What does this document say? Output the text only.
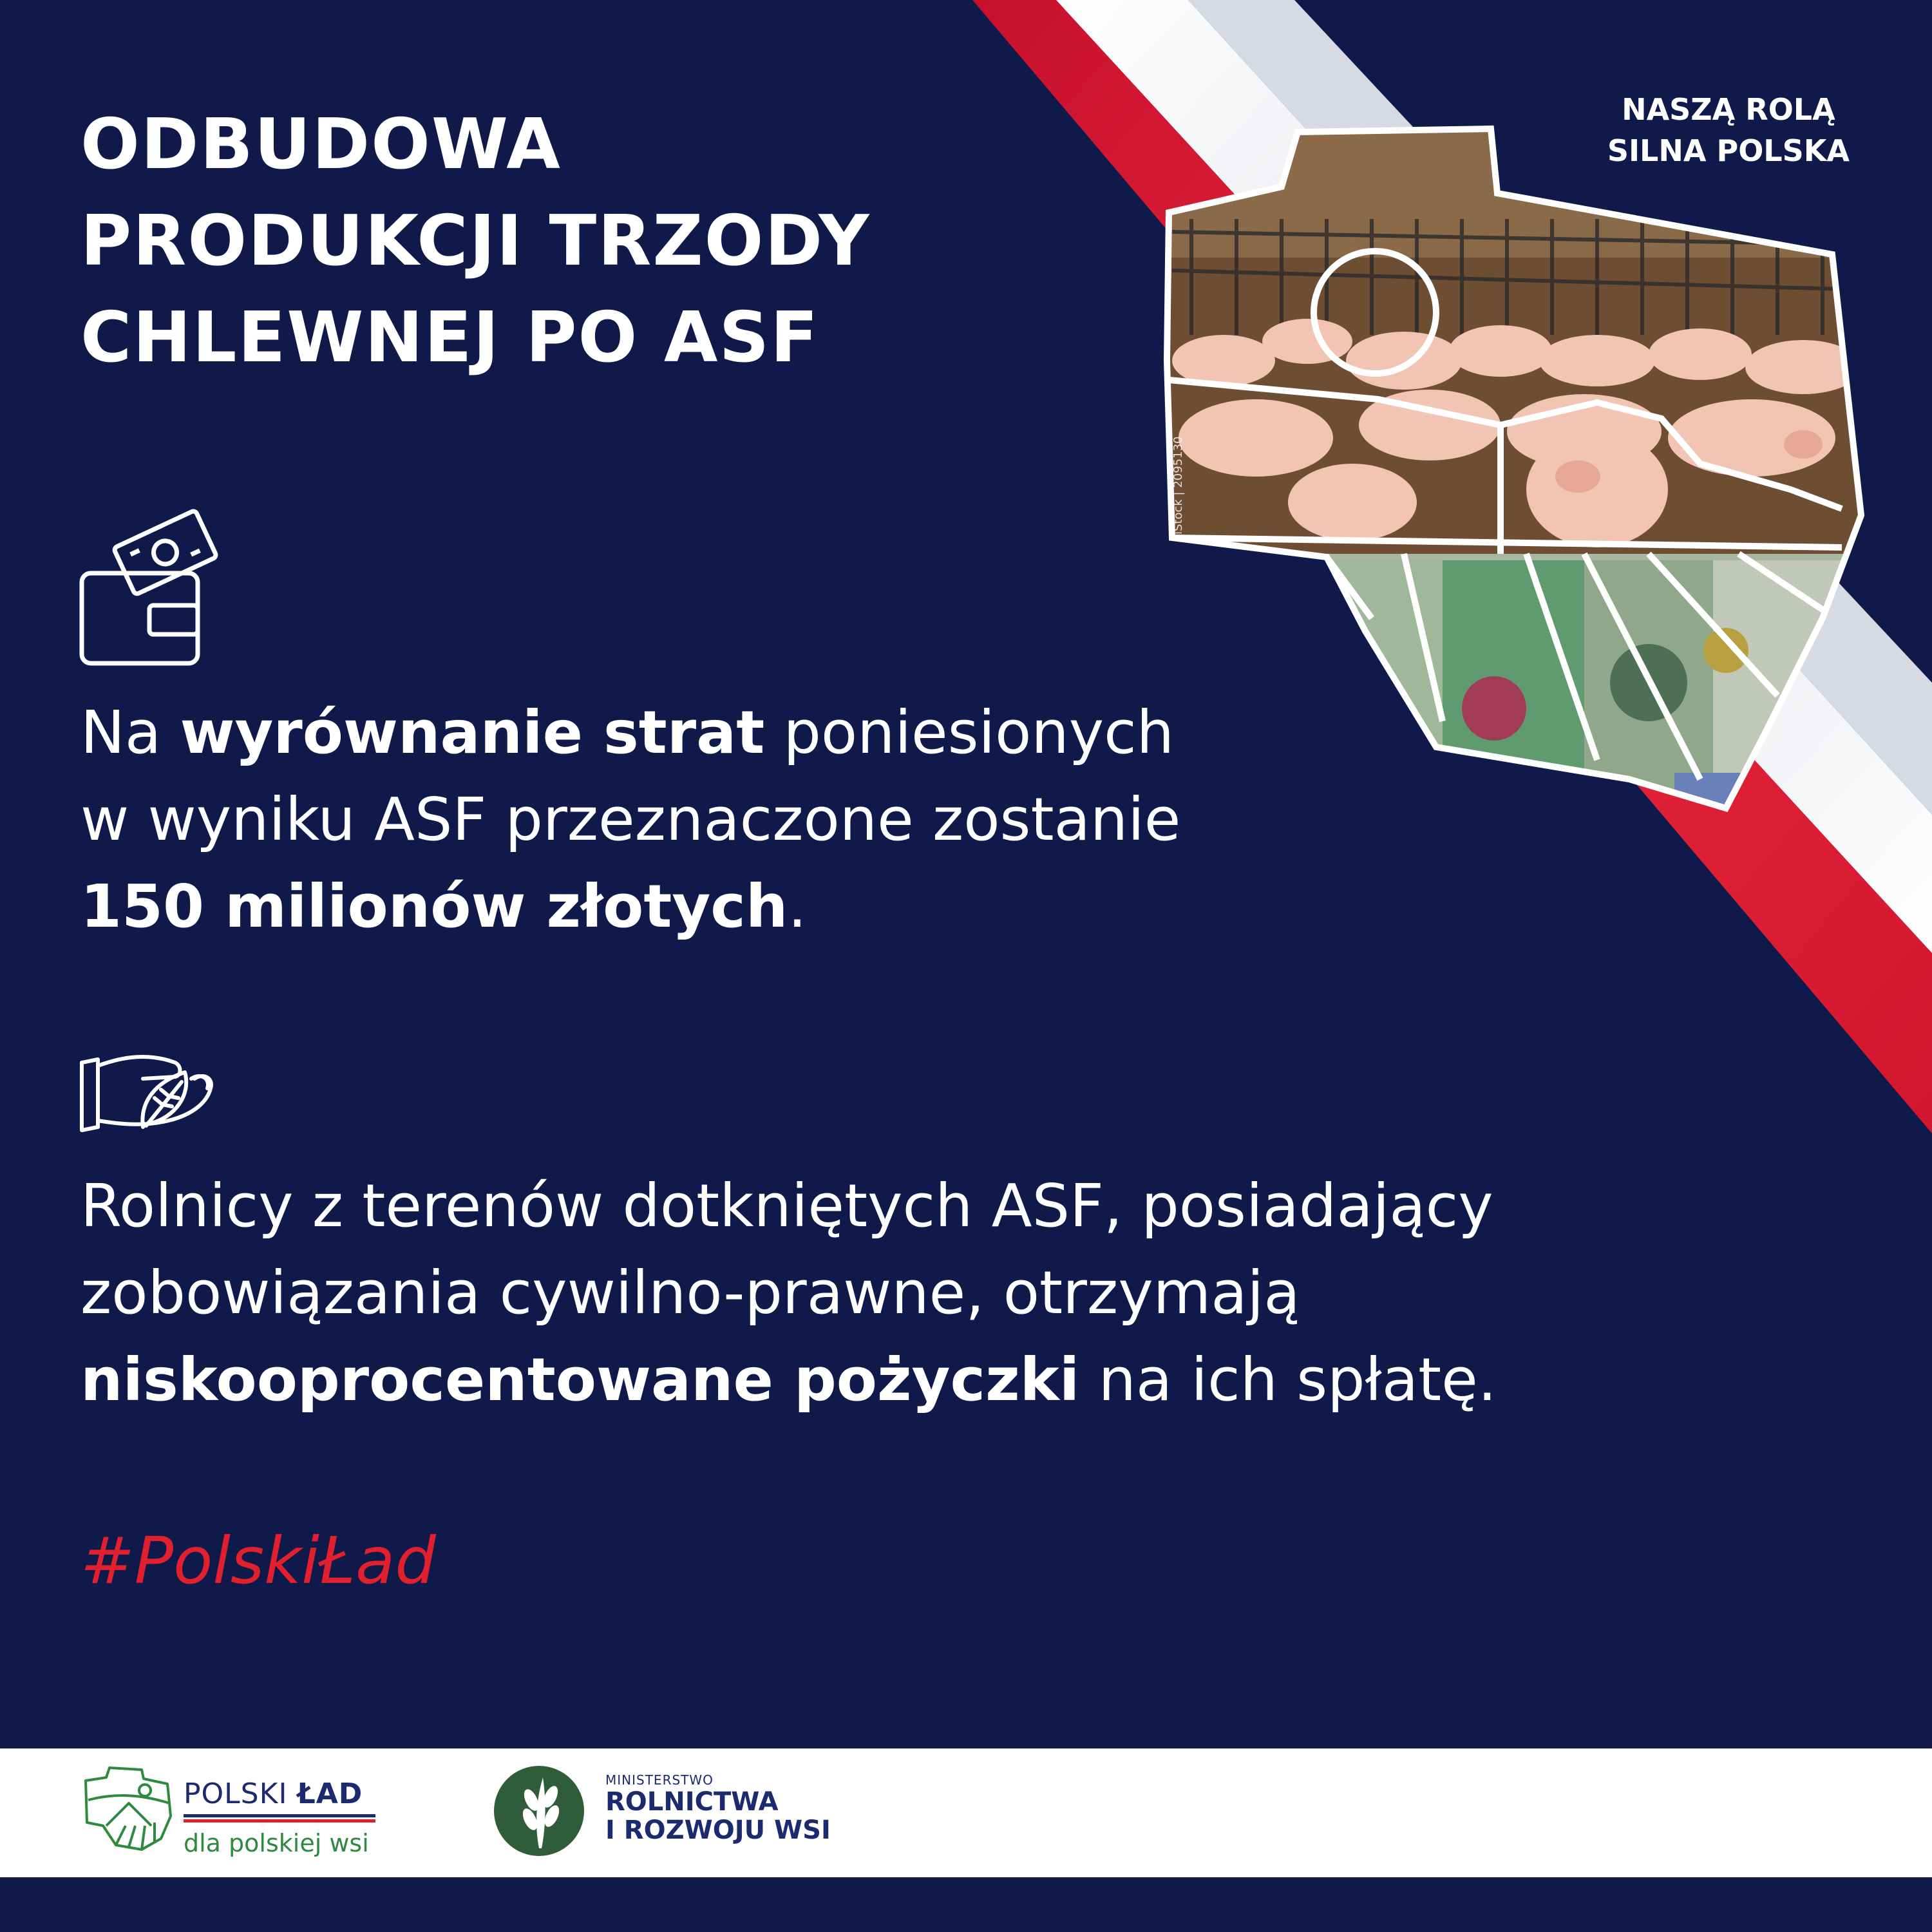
iStock | 2095130
ODBUDOWA
PRODUKCJI TRZODY
CHLEWNEJ PO ASF
NASZĄ ROLĄ
SILNA POLSKA

Na wyrównanie strat poniesionych
w wyniku ASF przeznaczone zostanie
150 milionów złotych.

Rolnicy z terenów dotkniętych ASF, posiadający
zobowiązania cywilno-prawne, otrzymają
niskooprocentowane pożyczki na ich spłatę.

#PolskiŁad
POLSKI ŁAD
dla polskiej wsi
MINISTERSTWO
ROLNICTWA
I ROZWOJU WSI
